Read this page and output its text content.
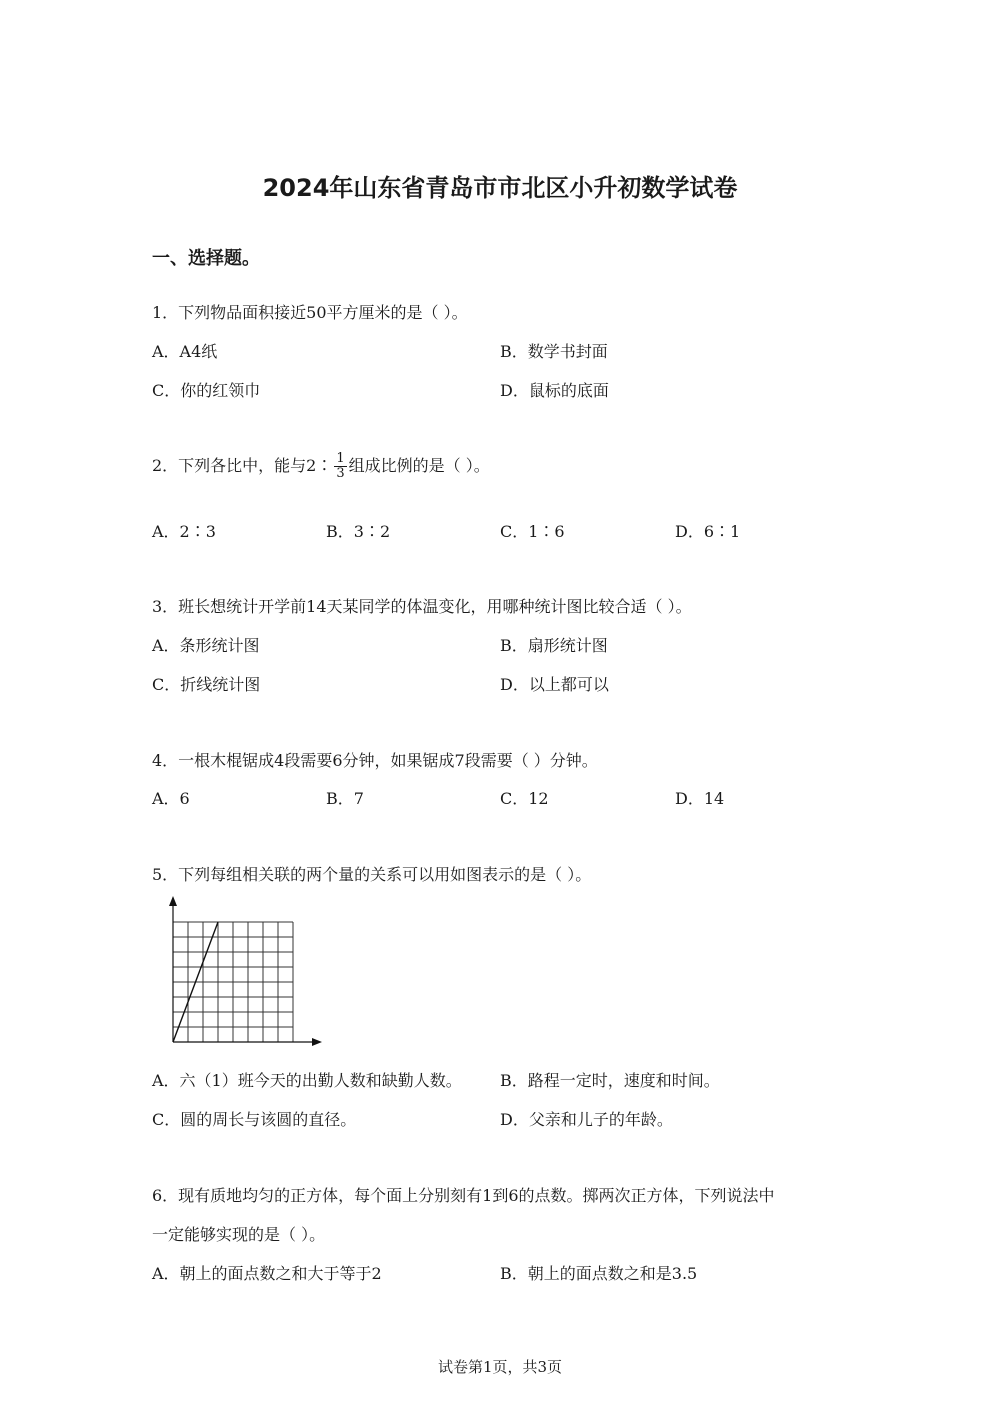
2024年山东省青岛市市北区小升初数学试卷
一、选择题。
1．下列物品面积接近50平方厘米的是（ ）。
A．A4纸	B．数学书封面
C．你的红领巾	D．鼠标的底面
2．下列各比中，能与2∶ $\frac{1}{3}$ 组成比例的是（ ）。
A．2∶3	B．3∶2	C．1∶6	D．6∶1
3．班长想统计开学前14天某同学的体温变化，用哪种统计图比较合适（ ）。
A．条形统计图	B．扇形统计图
C．折线统计图	D．以上都可以
4．一根木棍锯成4段需要6分钟，如果锯成7段需要（ ）分钟。
A．6	B．7	C．12	D．14
5．下列每组相关联的两个量的关系可以用如图表示的是（ ）。
A．六（1）班今天的出勤人数和缺勤人数。 B．路程一定时，速度和时间。
C．圆的周长与该圆的直径。	D．父亲和儿子的年龄。
6．现有质地均匀的正方体，每个面上分别刻有1到6的点数。掷两次正方体，下列说法中
一定能够实现的是（ ）。
A．朝上的面点数之和大于等于2	B．朝上的面点数之和是3.5
试卷第1页，共3页
